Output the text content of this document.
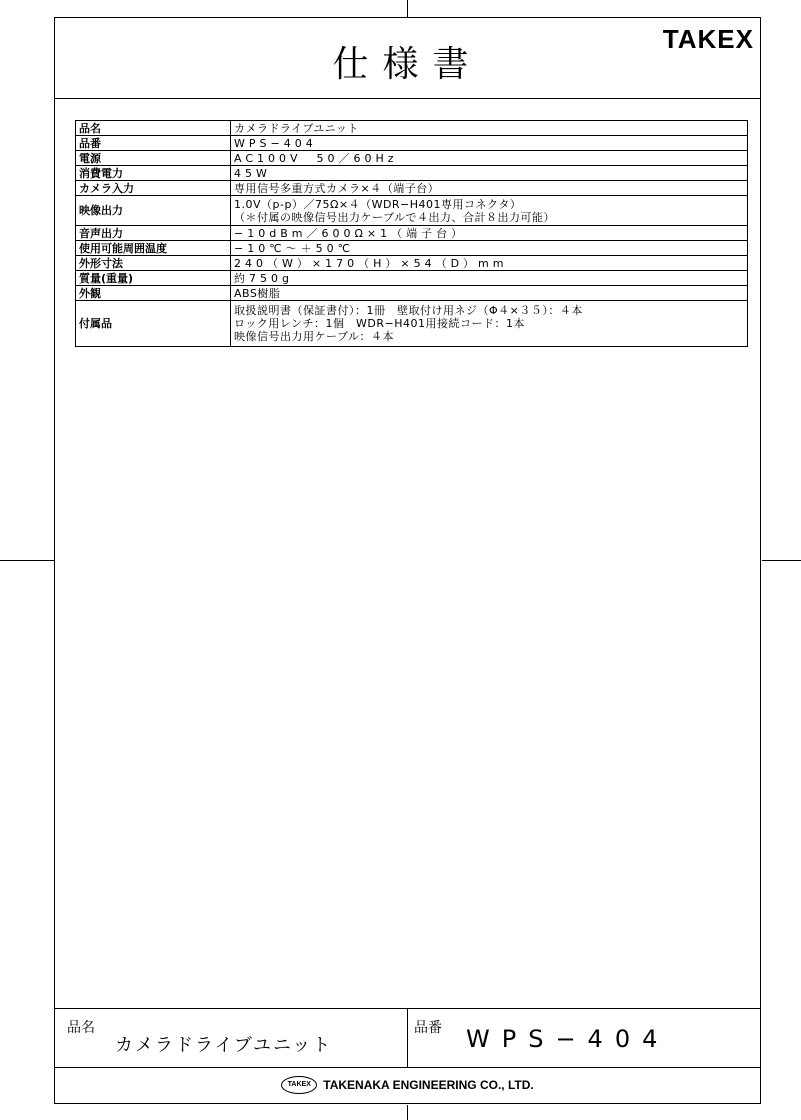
仕様書
TAKEX
品名	カメラドライブユニット
品番	WPS−404
電源	AC100V　50／60Hz
消費電力	45W
カメラ入力	専用信号多重方式カメラ×４（端子台）
映像出力	1.0V（p-p）／75Ω×４（WDR−H401専用コネクタ）
（＊付属の映像信号出力ケーブルで４出力、合計８出力可能）

音声出力	−10dBm／600Ω×1（端子台）
使用可能周囲温度	−10℃〜＋50℃
外形寸法	240（W）×170（H）×54（D）mm
質量(重量)	約750g
外観	ABS樹脂
付属品	取扱説明書（保証書付）：1冊　壁取付け用ネジ（Φ４×３５）：４本
ロック用レンチ：1個　WDR−H401用接続コード：1本
映像信号出力用ケーブル：４本
品名
カメラドライブユニット
品番 WPS−404
TAKEX	TAKENAKA ENGINEERING CO., LTD.
